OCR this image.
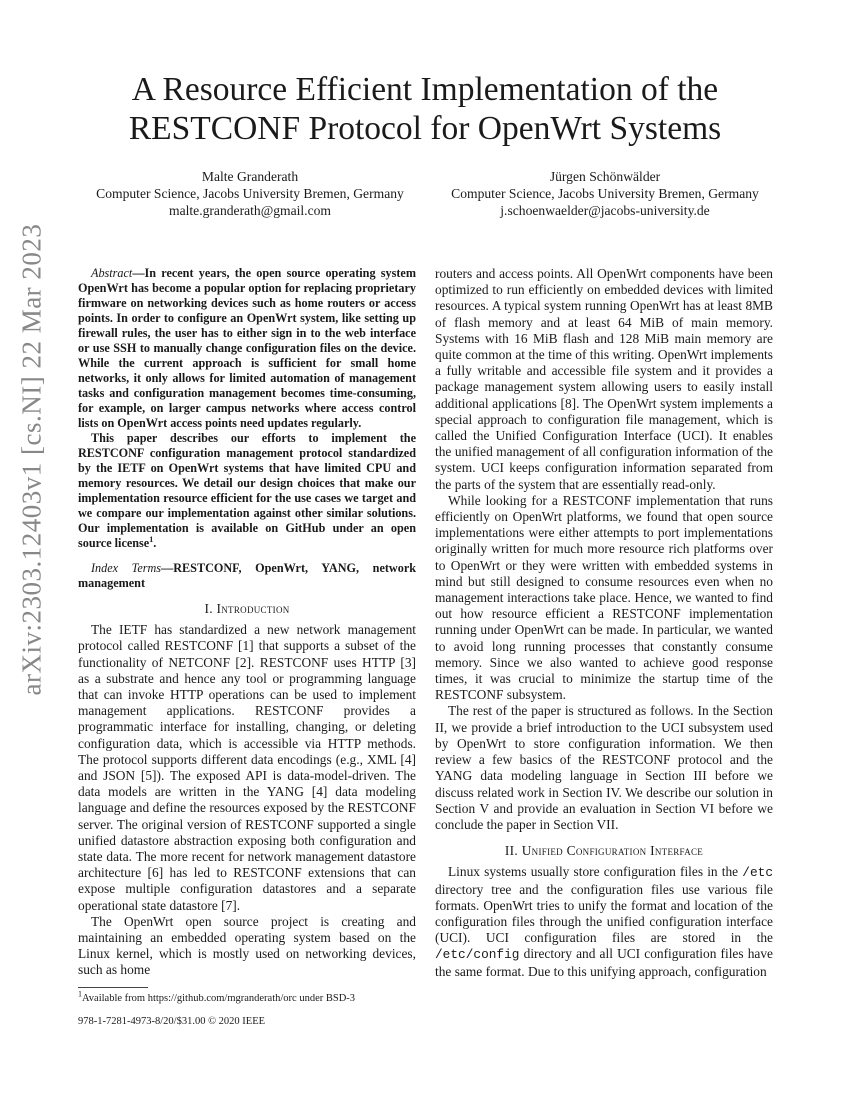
A Resource Efficient Implementation of the
RESTCONF Protocol for OpenWrt Systems
Malte Granderath
Computer Science, Jacobs University Bremen, Germany
malte.granderath@gmail.com
Jürgen Schönwälder
Computer Science, Jacobs University Bremen, Germany
j.schoenwaelder@jacobs-university.de
arXiv:2303.12403v1 [cs.NI] 22 Mar 2023	Abstract—In recent years, the open source operating system OpenWrt has become a popular option for replacing proprietary firmware on networking devices such as home routers or access points. In order to configure an OpenWrt system, like setting up firewall rules, the user has to either sign in to the web interface or use SSH to manually change configuration files on the device. While the current approach is sufficient for small home networks, it only allows for limited automation of management tasks and configuration management becomes time-consuming, for example, on larger campus networks where access control lists on OpenWrt access points need updates regularly.

This paper describes our efforts to implement the RESTCONF configuration management protocol standardized by the IETF on OpenWrt systems that have limited CPU and memory resources. We detail our design choices that make our implementation resource efficient for the use cases we target and we compare our implementation against other similar solutions. Our implementation is available on GitHub under an open source license$^1$.

Index Terms—RESTCONF, OpenWrt, YANG, network management

I. Introduction

The IETF has standardized a new network management protocol called RESTCONF [1] that supports a subset of the functionality of NETCONF [2]. RESTCONF uses HTTP [3] as a substrate and hence any tool or programming language that can invoke HTTP operations can be used to implement management applications. RESTCONF provides a programmatic interface for installing, changing, or deleting configuration data, which is accessible via HTTP methods. The protocol supports different data encodings (e.g., XML [4] and JSON [5]). The exposed API is data-model-driven. The data models are written in the YANG [4] data modeling language and define the resources exposed by the RESTCONF server. The original version of RESTCONF supported a single unified datastore abstraction exposing both configuration and state data. The more recent for network management datastore architecture [6] has led to RESTCONF extensions that can expose multiple configuration datastores and a separate operational state datastore [7].

The OpenWrt open source project is creating and maintaining an embedded operating system based on the Linux kernel, which is mostly used on networking devices, such as home

$^1$Available from https://github.com/mgranderath/orc under BSD-3
978-1-7281-4973-8/20/$31.00 © 2020 IEEE

routers and access points. All OpenWrt components have been optimized to run efficiently on embedded devices with limited resources. A typical system running OpenWrt has at least 8MB of flash memory and at least 64 MiB of main memory. Systems with 16 MiB flash and 128 MiB main memory are quite common at the time of this writing. OpenWrt implements a fully writable and accessible file system and it provides a package management system allowing users to easily install additional applications [8]. The OpenWrt system implements a special approach to configuration file management, which is called the Unified Configuration Interface (UCI). It enables the unified management of all configuration information of the system. UCI keeps configuration information separated from the parts of the system that are essentially read-only.

While looking for a RESTCONF implementation that runs efficiently on OpenWrt platforms, we found that open source implementations were either attempts to port implementations originally written for much more resource rich platforms over to OpenWrt or they were written with embedded systems in mind but still designed to consume resources even when no management interactions take place. Hence, we wanted to find out how resource efficient a RESTCONF implementation running under OpenWrt can be made. In particular, we wanted to avoid long running processes that constantly consume memory. Since we also wanted to achieve good response times, it was crucial to minimize the startup time of the RESTCONF subsystem.

The rest of the paper is structured as follows. In the Section II, we provide a brief introduction to the UCI subsystem used by OpenWrt to store configuration information. We then review a few basics of the RESTCONF protocol and the YANG data modeling language in Section III before we discuss related work in Section IV. We describe our solution in Section V and provide an evaluation in Section VI before we conclude the paper in Section VII.

II. Unified Configuration Interface

Linux systems usually store configuration files in the /etc directory tree and the configuration files use various file formats. OpenWrt tries to unify the format and location of the configuration files through the unified configuration interface (UCI). UCI configuration files are stored in the /etc/config directory and all UCI configuration files have the same format. Due to this unifying approach, configuration
